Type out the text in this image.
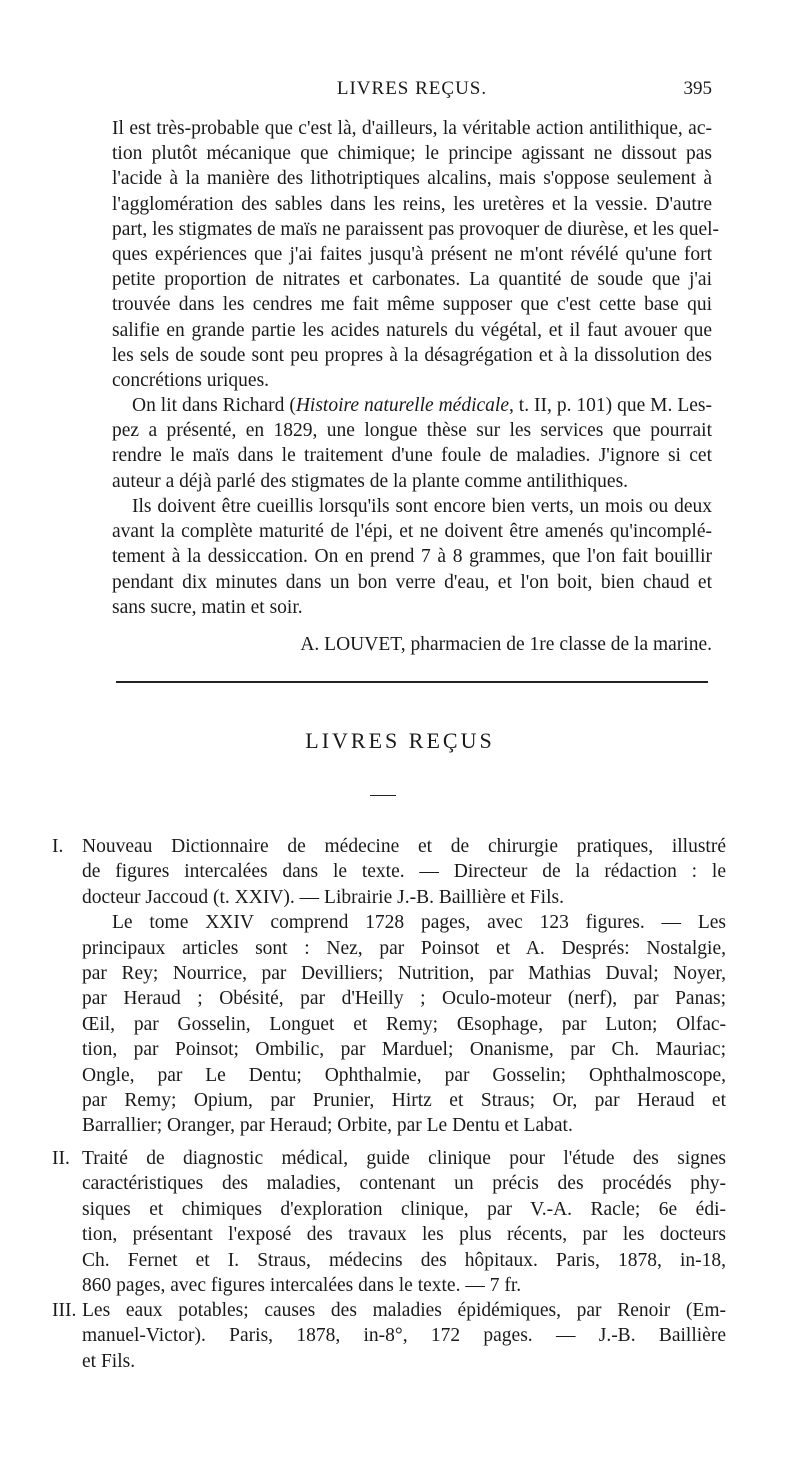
LIVRES REÇUS.	395
Il est très-probable que c'est là, d'ailleurs, la véritable action antilithique, ac-
tion plutôt mécanique que chimique; le principe agissant ne dissout pas
l'acide à la manière des lithotriptiques alcalins, mais s'oppose seulement à
l'agglomération des sables dans les reins, les uretères et la vessie. D'autre
part, les stigmates de maïs ne paraissent pas provoquer de diurèse, et les quel-
ques expériences que j'ai faites jusqu'à présent ne m'ont révélé qu'une fort
petite proportion de nitrates et carbonates. La quantité de soude que j'ai
trouvée dans les cendres me fait même supposer que c'est cette base qui
salifie en grande partie les acides naturels du végétal, et il faut avouer que
les sels de soude sont peu propres à la désagrégation et à la dissolution des
concrétions uriques.
On lit dans Richard (Histoire naturelle médicale, t. II, p. 101) que M. Les-
pez a présenté, en 1829, une longue thèse sur les services que pourrait
rendre le maïs dans le traitement d'une foule de maladies. J'ignore si cet
auteur a déjà parlé des stigmates de la plante comme antilithiques.
Ils doivent être cueillis lorsqu'ils sont encore bien verts, un mois ou deux
avant la complète maturité de l'épi, et ne doivent être amenés qu'incomplé-
tement à la dessiccation. On en prend 7 à 8 grammes, que l'on fait bouillir
pendant dix minutes dans un bon verre d'eau, et l'on boit, bien chaud et
sans sucre, matin et soir.
A. LOUVET, pharmacien de 1re classe de la marine.
LIVRES REÇUS
I. Nouveau Dictionnaire de médecine et de chirurgie pratiques, illustré
de figures intercalées dans le texte. — Directeur de la rédaction : le
docteur Jaccoud (t. XXIV). — Librairie J.-B. Baillière et Fils.
Le tome XXIV comprend 1728 pages, avec 123 figures. — Les
principaux articles sont : Nez, par Poinsot et A. Després: Nostalgie,
par Rey; Nourrice, par Devilliers; Nutrition, par Mathias Duval; Noyer,
par Heraud ; Obésité, par d'Heilly ; Oculo-moteur (nerf), par Panas;
Œil, par Gosselin, Longuet et Remy; Œsophage, par Luton; Olfac-
tion, par Poinsot; Ombilic, par Marduel; Onanisme, par Ch. Mauriac;
Ongle, par Le Dentu; Ophthalmie, par Gosselin; Ophthalmoscope,
par Remy; Opium, par Prunier, Hirtz et Straus; Or, par Heraud et
Barrallier; Oranger, par Heraud; Orbite, par Le Dentu et Labat.
II. Traité de diagnostic médical, guide clinique pour l'étude des signes
caractéristiques des maladies, contenant un précis des procédés phy-
siques et chimiques d'exploration clinique, par V.-A. Racle; 6e édi-
tion, présentant l'exposé des travaux les plus récents, par les docteurs
Ch. Fernet et I. Straus, médecins des hôpitaux. Paris, 1878, in-18,
860 pages, avec figures intercalées dans le texte. — 7 fr.
III. Les eaux potables; causes des maladies épidémiques, par Renoir (Em-
manuel-Victor). Paris, 1878, in-8°, 172 pages. — J.-B. Baillière
et Fils.
